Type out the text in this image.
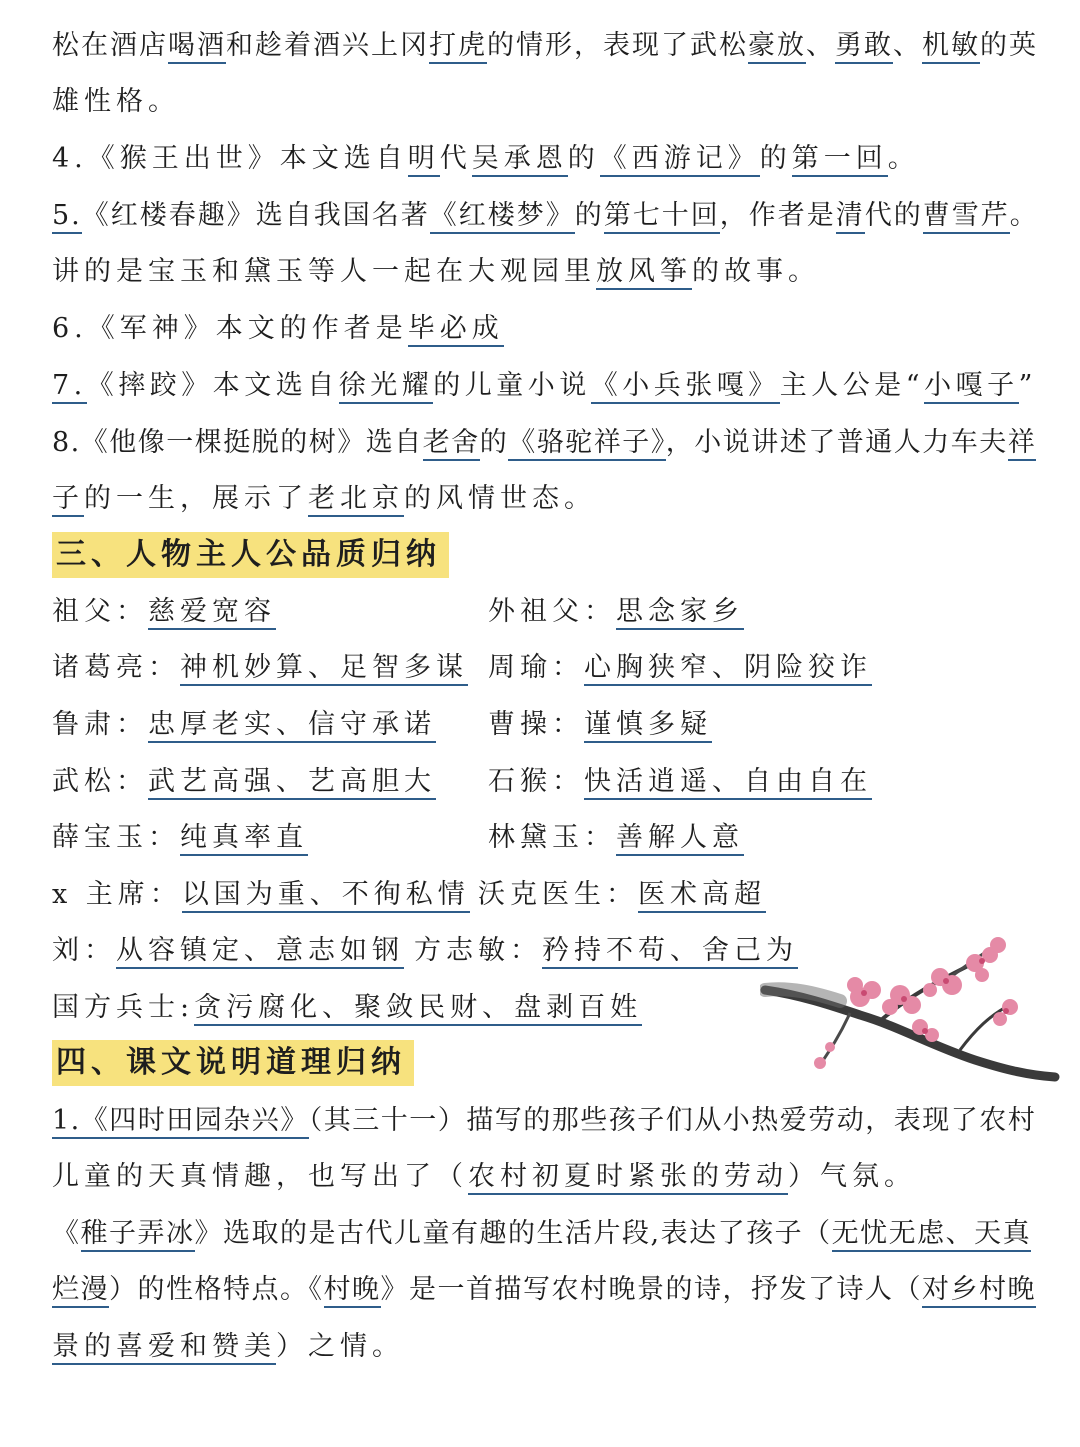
松在酒店喝酒和趁着酒兴上冈打虎的情形，表现了武松豪放、勇敢、机敏的英
雄性格。
4.《猴王出世》本文选自明代吴承恩的《西游记》的第一回。
5.《红楼春趣》选自我国名著《红楼梦》的第七十回，作者是清代的曹雪芹。
讲的是宝玉和黛玉等人一起在大观园里放风筝的故事。
6.《军神》本文的作者是毕必成
7.《摔跤》本文选自徐光耀的儿童小说《小兵张嘎》主人公是“小嘎子”
8.《他像一棵挺脱的树》选自老舍的《骆驼祥子》，小说讲述了普通人力车夫祥
子的一生，展示了老北京的风情世态。
三、人物主人公品质归纳
祖父：慈爱宽容	外祖父：思念家乡
诸葛亮：神机妙算、足智多谋 周瑜：心胸狭窄、阴险狡诈
鲁肃：忠厚老实、信守承诺	曹操：谨慎多疑
武松：武艺高强、艺高胆大	石猴：快活逍遥、自由自在
薛宝玉：纯真率直	林黛玉：善解人意
x 主席：以国为重、不徇私情 沃克医生：医术高超
刘：从容镇定、意志如钢 方志敏：矜持不苟、舍己为
国方兵士:贪污腐化、聚敛民财、盘剥百姓
四、课文说明道理归纳
1.《四时田园杂兴》（其三十一）描写的那些孩子们从小热爱劳动，表现了农村
儿童的天真情趣，也写出了（农村初夏时紧张的劳动）气氛。
《稚子弄冰》选取的是古代儿童有趣的生活片段,表达了孩子（无忧无虑、天真
烂漫）的性格特点。《村晚》是一首描写农村晚景的诗，抒发了诗人（对乡村晚
景的喜爱和赞美）之情。
